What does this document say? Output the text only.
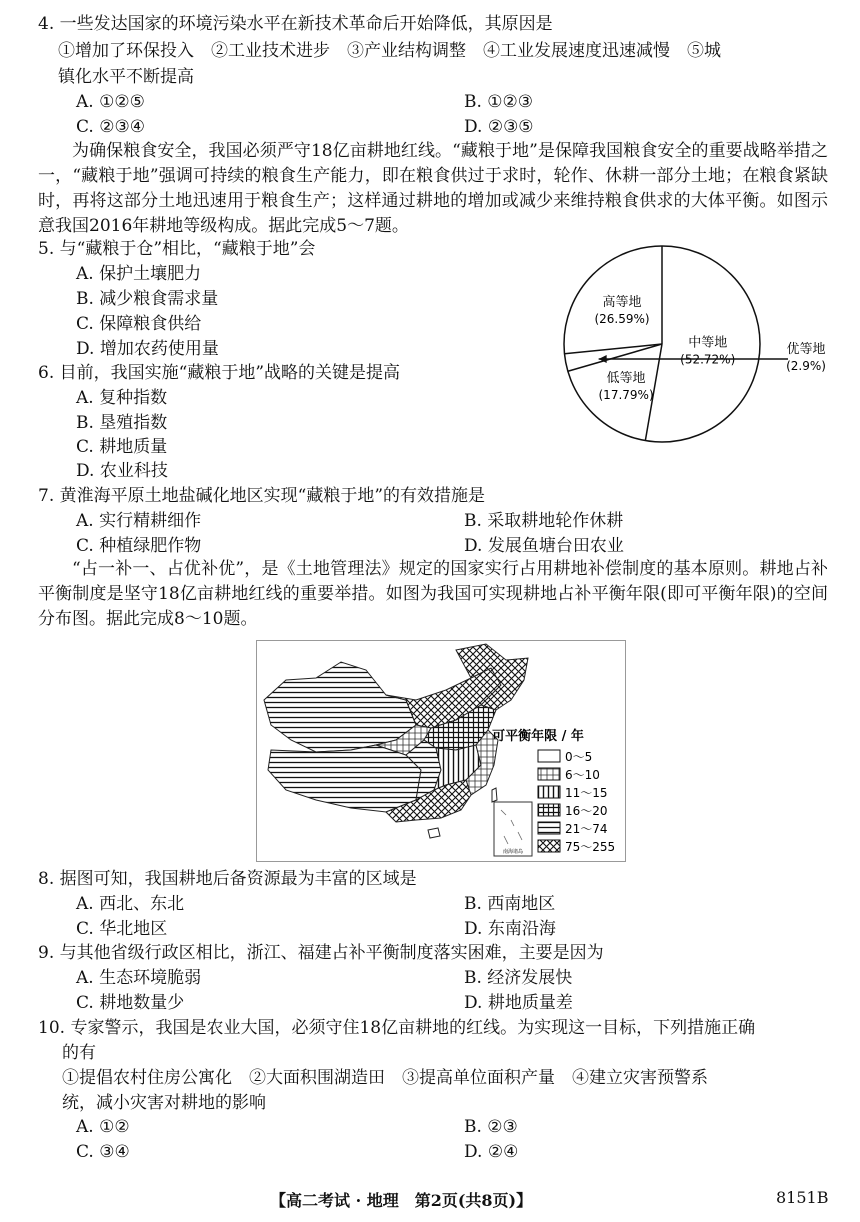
4. 一些发达国家的环境污染水平在新技术革命后开始降低，其原因是
①增加了环保投入　②工业技术进步　③产业结构调整　④工业发展速度迅速减慢　⑤城
镇化水平不断提高
A. ①②⑤	B. ①②③
C. ②③④	D. ②③⑤
为确保粮食安全，我国必须严守18亿亩耕地红线。“藏粮于地”是保障我国粮食安全的重要战略举措之一，“藏粮于地”强调可持续的粮食生产能力，即在粮食供过于求时，轮作、休耕一部分土地；在粮食紧缺时，再将这部分土地迅速用于粮食生产；这样通过耕地的增加或减少来维持粮食供求的大体平衡。如图示意我国2016年耕地等级构成。据此完成5～7题。
5. 与“藏粮于仓”相比，“藏粮于地”会
A. 保护土壤肥力
B. 减少粮食需求量
C. 保障粮食供给
D. 增加农药使用量
6. 目前，我国实施“藏粮于地”战略的关键是提高
A. 复种指数
B. 垦殖指数
C. 耕地质量
D. 农业科技
中等地
(52.72%)
低等地
(17.79%)
优等地
(2.9%)
高等地
(26.59%)
7. 黄淮海平原土地盐碱化地区实现“藏粮于地”的有效措施是
A. 实行精耕细作	B. 采取耕地轮作休耕
C. 种植绿肥作物	D. 发展鱼塘台田农业
“占一补一、占优补优”，是《土地管理法》规定的国家实行占用耕地补偿制度的基本原则。耕地占补平衡制度是坚守18亿亩耕地红线的重要举措。如图为我国可实现耕地占补平衡年限(即可平衡年限)的空间分布图。据此完成8～10题。
南海诸岛
可平衡年限 / 年
0～5
6～10
11～15
16～20
21～74
75～255
8. 据图可知，我国耕地后备资源最为丰富的区域是
A. 西北、东北	B. 西南地区
C. 华北地区	D. 东南沿海
9. 与其他省级行政区相比，浙江、福建占补平衡制度落实困难，主要是因为
A. 生态环境脆弱	B. 经济发展快
C. 耕地数量少	D. 耕地质量差
10. 专家警示，我国是农业大国，必须守住18亿亩耕地的红线。为实现这一目标，下列措施正确
的有
①提倡农村住房公寓化　②大面积围湖造田　③提高单位面积产量　④建立灾害预警系
统，减小灾害对耕地的影响
A. ①②	B. ②③
C. ③④	D. ②④
【高二考试 · 地理　第2页(共8页)】	8151B
